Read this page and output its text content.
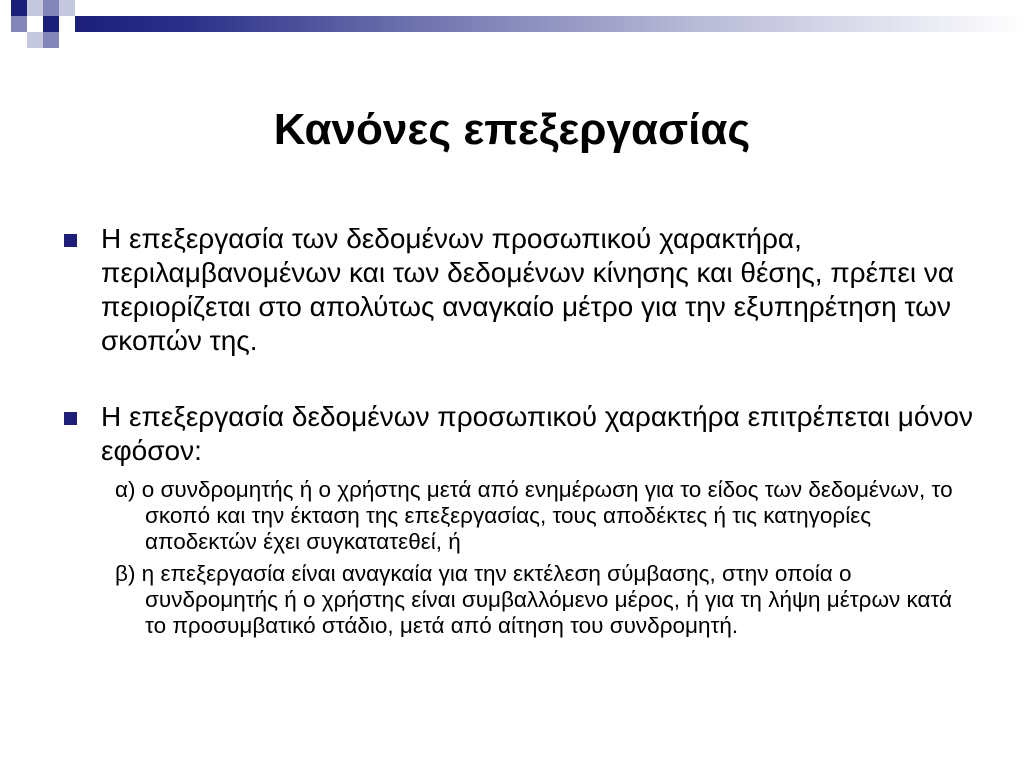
Κανόνες επεξεργασίας

Η επεξεργασία των δεδομένων προσωπικού χαρακτήρα, περιλαμβανομένων και των δεδομένων κίνησης και θέσης, πρέπει να περιορίζεται στο απολύτως αναγκαίο μέτρο για την εξυπηρέτηση των σκοπών της.

Η επεξεργασία δεδομένων προσωπικού χαρακτήρα επιτρέπεται μόνον εφόσον:

α) ο συνδρομητής ή ο χρήστης μετά από ενημέρωση για το είδος των δεδομένων, το σκοπό και την έκταση της επεξεργασίας, τους αποδέκτες ή τις κατηγορίες αποδεκτών έχει συγκατατεθεί, ή

β) η επεξεργασία είναι αναγκαία για την εκτέλεση σύμβασης, στην οποία ο συνδρομητής ή ο χρήστης είναι συμβαλλόμενο μέρος, ή για τη λήψη μέτρων κατά το προσυμβατικό στάδιο, μετά από αίτηση του συνδρομητή.
